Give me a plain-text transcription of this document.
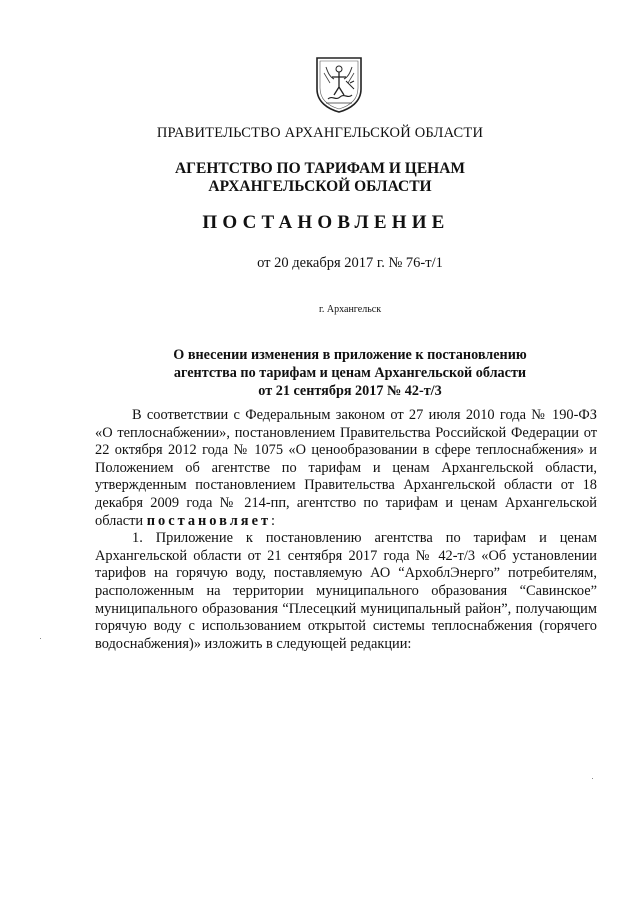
ПРАВИТЕЛЬСТВО АРХАНГЕЛЬСКОЙ ОБЛАСТИ
АГЕНТСТВО ПО ТАРИФАМ И ЦЕНАМ
АРХАНГЕЛЬСКОЙ ОБЛАСТИ
ПОСТАНОВЛЕНИЕ
от 20 декабря 2017 г. № 76-т/1
г. Архангельск
О внесении изменения в приложение к постановлению
агентства по тарифам и ценам Архангельской области
от 21 сентября 2017 № 42-т/3

В соответствии с Федеральным законом от 27 июля 2010 года № 190-ФЗ «О теплоснабжении», постановлением Правительства Российской Федерации от 22 октября 2012 года № 1075 «О ценообразовании в сфере теплоснабжения» и Положением об агентстве по тарифам и ценам Архангельской области, утвержденным постановлением Правительства Архангельской области от 18 декабря 2009 года № 214-пп, агентство по тарифам и ценам Архангельской области постановляет:

1. Приложение к постановлению агентства по тарифам и ценам Архангельской области от 21 сентября 2017 года № 42-т/3 «Об установлении тарифов на горячую воду, поставляемую АО “АрхоблЭнерго” потребителям, расположенным на территории муниципального образования “Савинское” муниципального образования “Плесецкий муниципальный район”, получающим горячую воду с использованием открытой системы теплоснабжения (горячего водоснабжения)» изложить в следующей редакции:
